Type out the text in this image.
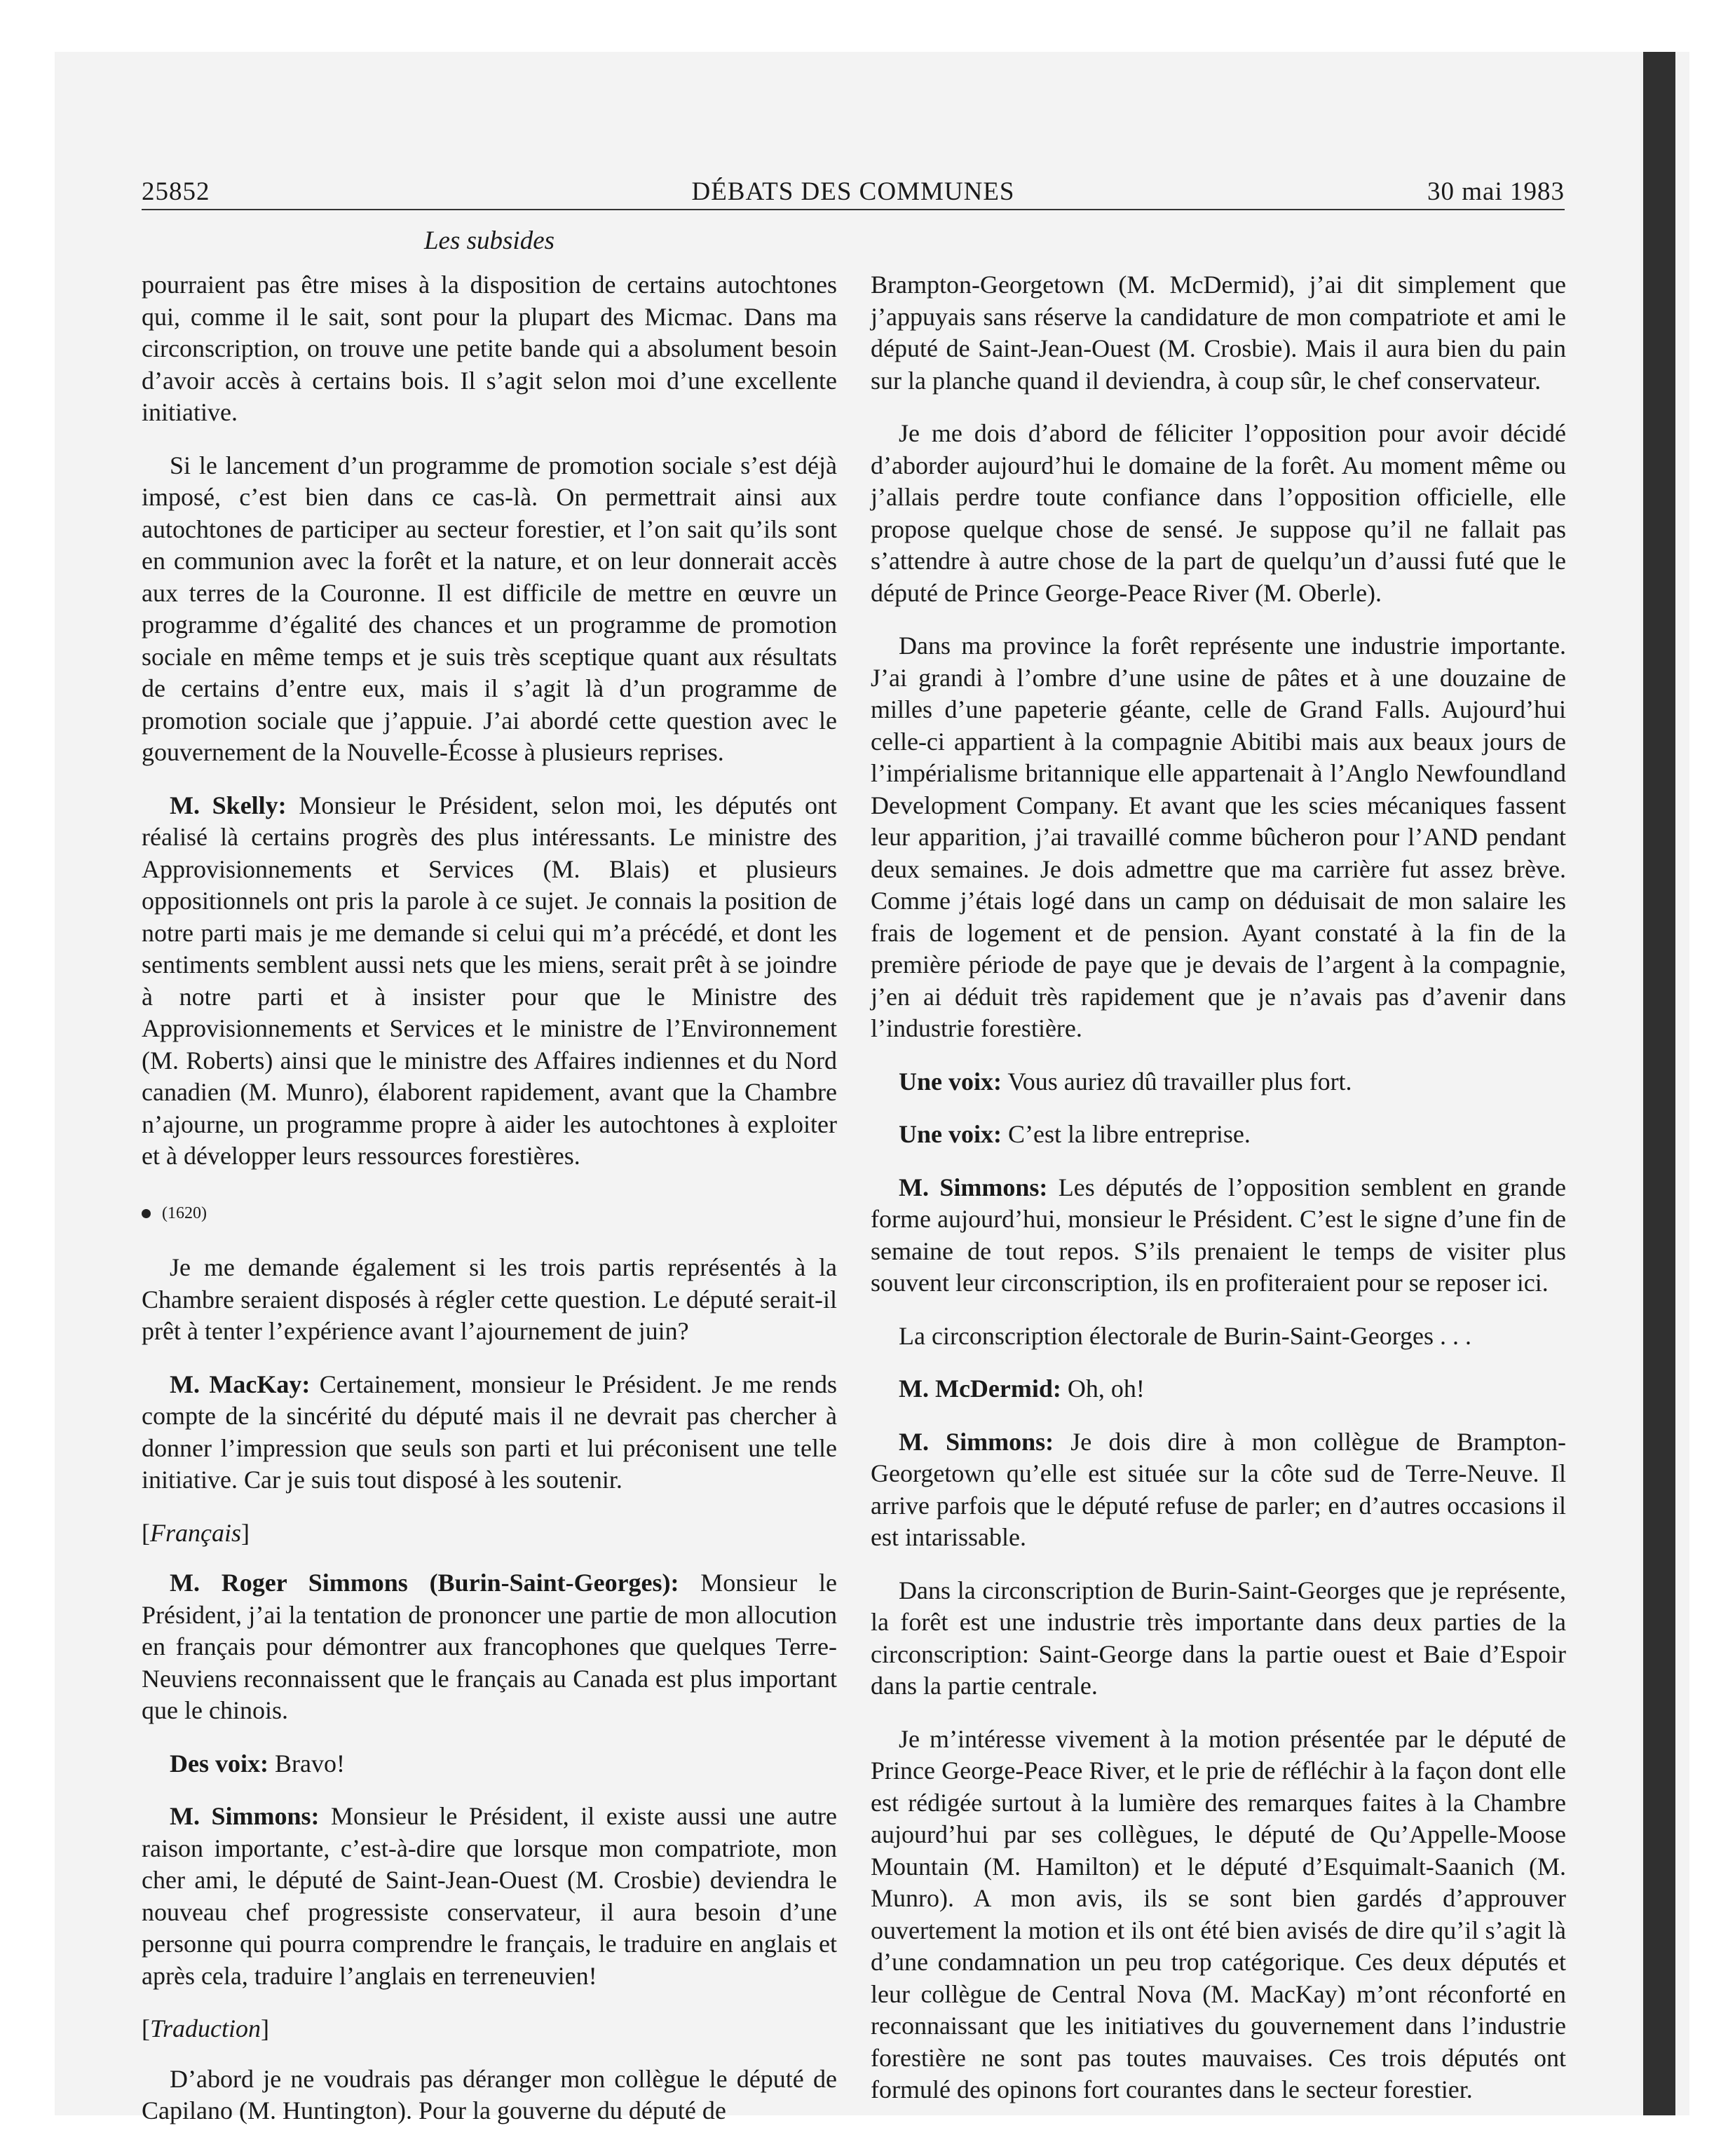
25852	DÉBATS DES COMMUNES	30 mai 1983
Les subsides

pourraient pas être mises à la disposition de certains autochtones qui, comme il le sait, sont pour la plupart des Micmac. Dans ma circonscription, on trouve une petite bande qui a absolument besoin d’avoir accès à certains bois. Il s’agit selon moi d’une excellente initiative.

Si le lancement d’un programme de promotion sociale s’est déjà imposé, c’est bien dans ce cas-là. On permettrait ainsi aux autochtones de participer au secteur forestier, et l’on sait qu’ils sont en communion avec la forêt et la nature, et on leur donnerait accès aux terres de la Couronne. Il est difficile de mettre en œuvre un programme d’égalité des chances et un programme de promotion sociale en même temps et je suis très sceptique quant aux résultats de certains d’entre eux, mais il s’agit là d’un programme de promotion sociale que j’appuie. J’ai abordé cette question avec le gouvernement de la Nouvelle-Écosse à plusieurs reprises.

M. Skelly: Monsieur le Président, selon moi, les députés ont réalisé là certains progrès des plus intéressants. Le ministre des Approvisionnements et Services (M. Blais) et plusieurs oppositionnels ont pris la parole à ce sujet. Je connais la position de notre parti mais je me demande si celui qui m’a précédé, et dont les sentiments semblent aussi nets que les miens, serait prêt à se joindre à notre parti et à insister pour que le Ministre des Approvisionnements et Services et le ministre de l’Environnement (M. Roberts) ainsi que le ministre des Affaires indiennes et du Nord canadien (M. Munro), élaborent rapidement, avant que la Chambre n’ajourne, un programme propre à aider les autochtones à exploiter et à développer leurs ressources forestières.

(1620)

Je me demande également si les trois partis représentés à la Chambre seraient disposés à régler cette question. Le député serait-il prêt à tenter l’expérience avant l’ajournement de juin?

M. MacKay: Certainement, monsieur le Président. Je me rends compte de la sincérité du député mais il ne devrait pas chercher à donner l’impression que seuls son parti et lui préconisent une telle initiative. Car je suis tout disposé à les soutenir.

[Français]

M. Roger Simmons (Burin-Saint-Georges): Monsieur le Président, j’ai la tentation de prononcer une partie de mon allocution en français pour démontrer aux francophones que quelques Terre-Neuviens reconnaissent que le français au Canada est plus important que le chinois.

Des voix: Bravo!

M. Simmons: Monsieur le Président, il existe aussi une autre raison importante, c’est-à-dire que lorsque mon compatriote, mon cher ami, le député de Saint-Jean-Ouest (M. Crosbie) deviendra le nouveau chef progressiste conservateur, il aura besoin d’une personne qui pourra comprendre le français, le traduire en anglais et après cela, traduire l’anglais en terreneuvien!

[Traduction]

D’abord je ne voudrais pas déranger mon collègue le député de Capilano (M. Huntington). Pour la gouverne du député de

Brampton-Georgetown (M. McDermid), j’ai dit simplement que j’appuyais sans réserve la candidature de mon compatriote et ami le député de Saint-Jean-Ouest (M. Crosbie). Mais il aura bien du pain sur la planche quand il deviendra, à coup sûr, le chef conservateur.

Je me dois d’abord de féliciter l’opposition pour avoir décidé d’aborder aujourd’hui le domaine de la forêt. Au moment même ou j’allais perdre toute confiance dans l’opposition officielle, elle propose quelque chose de sensé. Je suppose qu’il ne fallait pas s’attendre à autre chose de la part de quelqu’un d’aussi futé que le député de Prince George-Peace River (M. Oberle).

Dans ma province la forêt représente une industrie importante. J’ai grandi à l’ombre d’une usine de pâtes et à une douzaine de milles d’une papeterie géante, celle de Grand Falls. Aujourd’hui celle-ci appartient à la compagnie Abitibi mais aux beaux jours de l’impérialisme britannique elle appartenait à l’Anglo Newfoundland Development Company. Et avant que les scies mécaniques fassent leur apparition, j’ai travaillé comme bûcheron pour l’AND pendant deux semaines. Je dois admettre que ma carrière fut assez brève. Comme j’étais logé dans un camp on déduisait de mon salaire les frais de logement et de pension. Ayant constaté à la fin de la première période de paye que je devais de l’argent à la compagnie, j’en ai déduit très rapidement que je n’avais pas d’avenir dans l’industrie forestière.

Une voix: Vous auriez dû travailler plus fort.

Une voix: C’est la libre entreprise.

M. Simmons: Les députés de l’opposition semblent en grande forme aujourd’hui, monsieur le Président. C’est le signe d’une fin de semaine de tout repos. S’ils prenaient le temps de visiter plus souvent leur circonscription, ils en profiteraient pour se reposer ici.

La circonscription électorale de Burin-Saint-Georges . . .

M. McDermid: Oh, oh!

M. Simmons: Je dois dire à mon collègue de Brampton-Georgetown qu’elle est située sur la côte sud de Terre-Neuve. Il arrive parfois que le député refuse de parler; en d’autres occasions il est intarissable.

Dans la circonscription de Burin-Saint-Georges que je représente, la forêt est une industrie très importante dans deux parties de la circonscription: Saint-George dans la partie ouest et Baie d’Espoir dans la partie centrale.

Je m’intéresse vivement à la motion présentée par le député de Prince George-Peace River, et le prie de réfléchir à la façon dont elle est rédigée surtout à la lumière des remarques faites à la Chambre aujourd’hui par ses collègues, le député de Qu’Appelle-Moose Mountain (M. Hamilton) et le député d’Esquimalt-Saanich (M. Munro). A mon avis, ils se sont bien gardés d’approuver ouvertement la motion et ils ont été bien avisés de dire qu’il s’agit là d’une condamnation un peu trop catégorique. Ces deux députés et leur collègue de Central Nova (M. MacKay) m’ont réconforté en reconnaissant que les initiatives du gouvernement dans l’industrie forestière ne sont pas toutes mauvaises. Ces trois députés ont formulé des opinons fort courantes dans le secteur forestier.
